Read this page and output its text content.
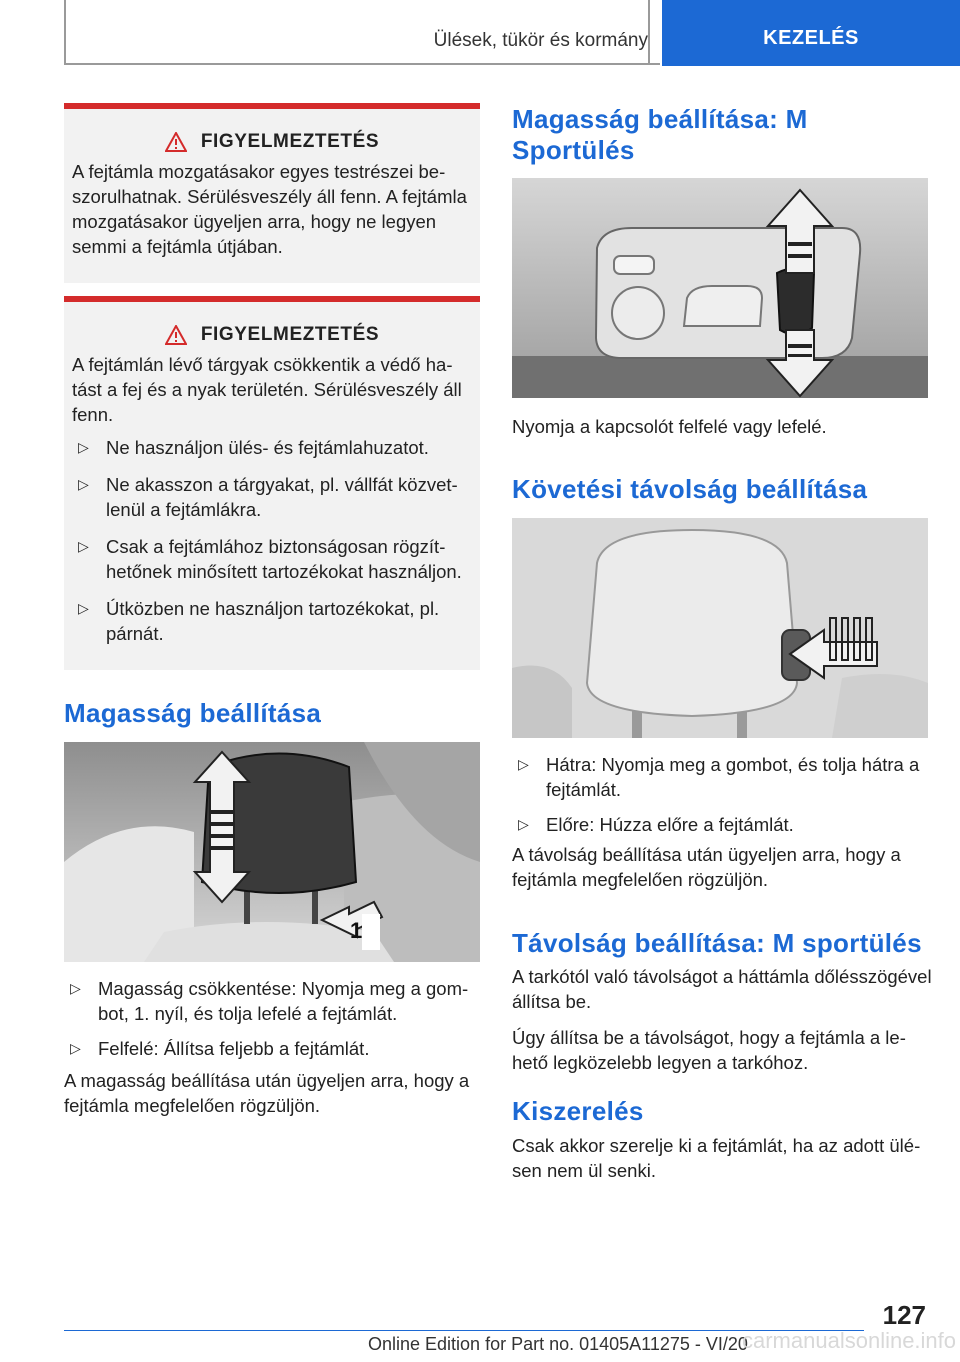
Ülések, tükör és kormány	KEZELÉS
FIGYELMEZTETÉS

A fejtámla mozgatásakor egyes testrészei beszorulhatnak. Sérülésveszély áll fenn. A fejtámla mozgatásakor ügyeljen arra, hogy ne legyen semmi a fejtámla útjában.

FIGYELMEZTETÉS

A fejtámlán lévő tárgyak csökkentik a védő hatást a fej és a nyak területén. Sérülésveszély áll fenn.

▷ Ne használjon ülés- és fejtámlahuzatot.
▷ Ne akasszon a tárgyakat, pl. vállfát közvetlenül a fejtámlákra.
▷ Csak a fejtámlához biztonságosan rögzíthetőnek minősített tartozékokat használjon.
▷ Útközben ne használjon tartozékokat, pl. párnát.
Magasság beállítása
1
▷ Magasság csökkentése: Nyomja meg a gombot, 1. nyíl, és tolja lefelé a fejtámlát.
▷ Felfelé: Állítsa feljebb a fejtámlát.
A magasság beállítása után ügyeljen arra, hogy a fejtámla megfelelően rögzüljön.
Magasság beállítása: M Sportülés
Nyomja a kapcsolót felfelé vagy lefelé.
Követési távolság beállítása
▷ Hátra: Nyomja meg a gombot, és tolja hátra a fejtámlát.
▷ Előre: Húzza előre a fejtámlát.
A távolság beállítása után ügyeljen arra, hogy a fejtámla megfelelően rögzüljön.
Távolság beállítása: M sportülés
A tarkótól való távolságot a háttámla dőlésszögével állítsa be.
Úgy állítsa be a távolságot, hogy a fejtámla a lehető legközelebb legyen a tarkóhoz.
Kiszerelés
Csak akkor szerelje ki a fejtámlát, ha az adott ülésen nem ül senki.
127
Online Edition for Part no. 01405A11275 - VI/20
carmanualsonline.info
